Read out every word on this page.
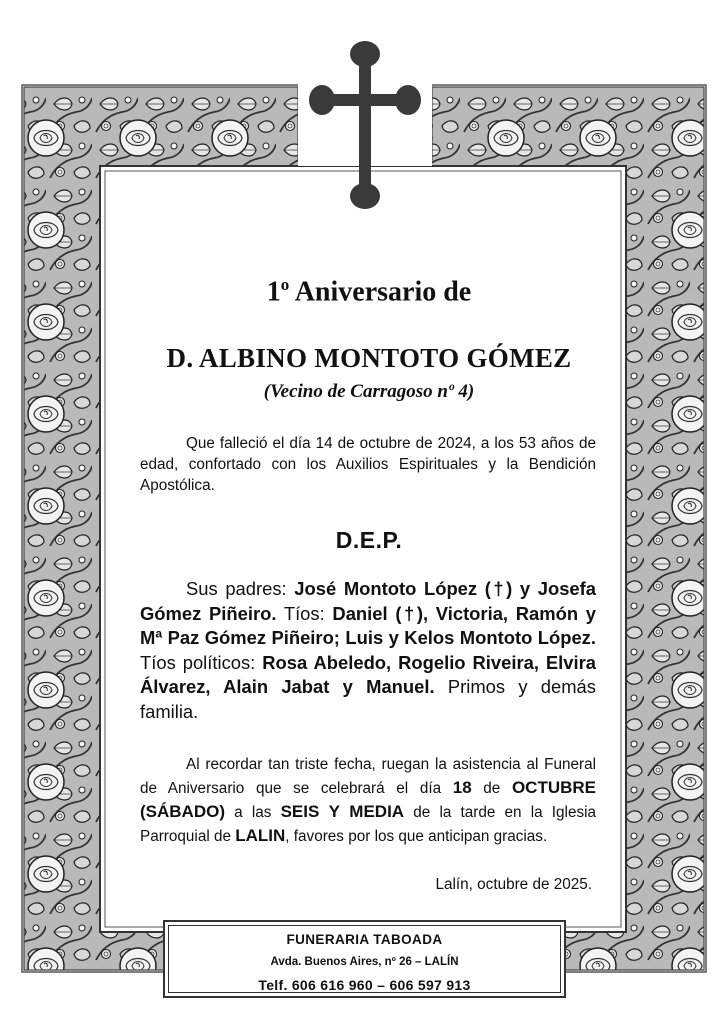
1$^o$ Aniversario de
D. ALBINO MONTOTO GÓMEZ
(Vecino de Carragoso nº 4)
Que falleció el día 14 de octubre de 2024, a los 53 años de edad, confortado con los Auxilios Espirituales y la Bendición Apostólica.
D.E.P.
Sus padres: José Montoto López (†) y Josefa Gómez Piñeiro. Tíos: Daniel (†), Victoria, Ramón y Mª Paz Gómez Piñeiro; Luis y Kelos Montoto López. Tíos políticos: Rosa Abeledo, Rogelio Riveira, Elvira Álvarez, Alain Jabat y Manuel. Primos y demás familia.
Al recordar tan triste fecha, ruegan la asistencia al Funeral de Aniversario que se celebrará el día 18 de OCTUBRE (SÁBADO) a las SEIS Y MEDIA de la tarde en la Iglesia Parroquial de LALIN, favores por los que anticipan gracias.
Lalín, octubre de 2025.
FUNERARIA TABOADA
Avda. Buenos Aires, nº 26 – LALÍN
Telf. 606 616 960 – 606 597 913
